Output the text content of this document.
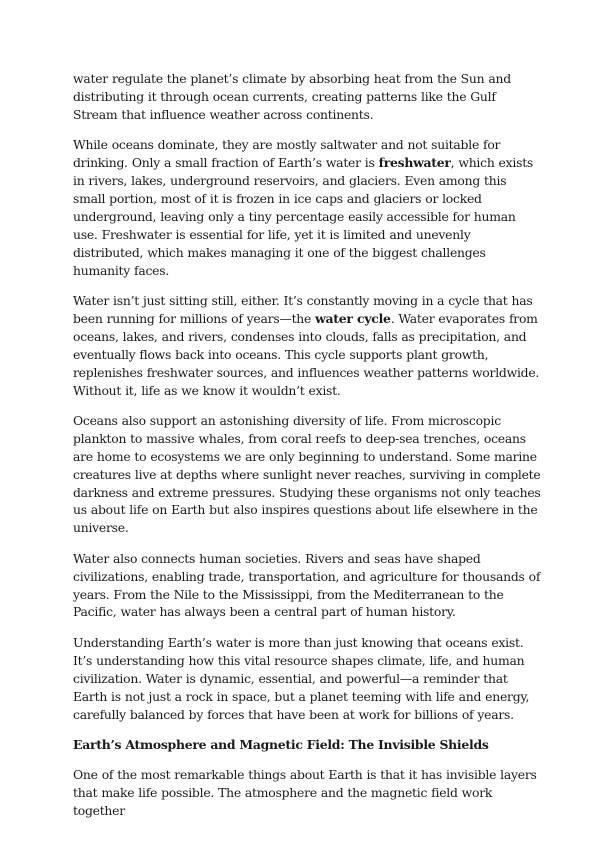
water regulate the planet’s climate by absorbing heat from the Sun and distributing it through ocean currents, creating patterns like the Gulf Stream that influence weather across continents.

While oceans dominate, they are mostly saltwater and not suitable for drinking. Only a small fraction of Earth’s water is freshwater, which exists in rivers, lakes, underground reservoirs, and glaciers. Even among this small portion, most of it is frozen in ice caps and glaciers or locked underground, leaving only a tiny percentage easily accessible for human use. Freshwater is essential for life, yet it is limited and unevenly distributed, which makes managing it one of the biggest challenges humanity faces.

Water isn’t just sitting still, either. It’s constantly moving in a cycle that has been running for millions of years—the water cycle. Water evaporates from oceans, lakes, and rivers, condenses into clouds, falls as precipitation, and eventually flows back into oceans. This cycle supports plant growth, replenishes freshwater sources, and influences weather patterns worldwide. Without it, life as we know it wouldn’t exist.

Oceans also support an astonishing diversity of life. From microscopic plankton to massive whales, from coral reefs to deep-sea trenches, oceans are home to ecosystems we are only beginning to understand. Some marine creatures live at depths where sunlight never reaches, surviving in complete darkness and extreme pressures. Studying these organisms not only teaches us about life on Earth but also inspires questions about life elsewhere in the universe.

Water also connects human societies. Rivers and seas have shaped civilizations, enabling trade, transportation, and agriculture for thousands of years. From the Nile to the Mississippi, from the Mediterranean to the Pacific, water has always been a central part of human history.

Understanding Earth’s water is more than just knowing that oceans exist. It’s understanding how this vital resource shapes climate, life, and human civilization. Water is dynamic, essential, and powerful—a reminder that Earth is not just a rock in space, but a planet teeming with life and energy, carefully balanced by forces that have been at work for billions of years.

Earth’s Atmosphere and Magnetic Field: The Invisible Shields

One of the most remarkable things about Earth is that it has invisible layers that make life possible. The atmosphere and the magnetic field work together
